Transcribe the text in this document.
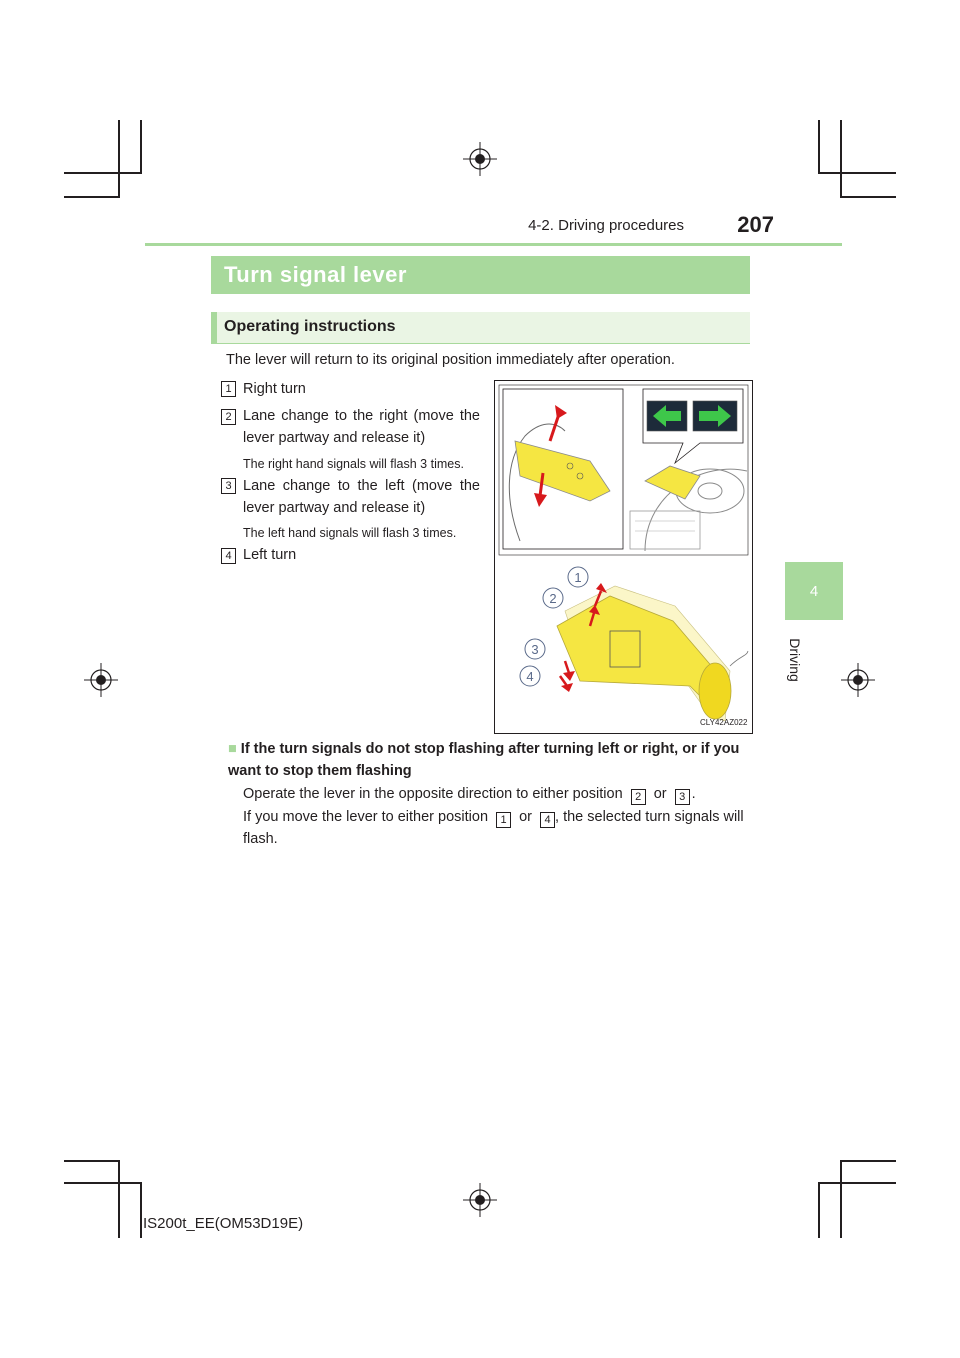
4-2. Driving procedures	207
4
Driving
Turn signal lever
Operating instructions
The lever will return to its original position immediately after operation.
1 Right turn
2 Lane change to the right (move the lever partway and release it)
The right hand signals will flash 3 times.
3 Lane change to the left (move the lever partway and release it)
The left hand signals will flash 3 times.
4 Left turn
1
2
3
4
CLY42AZ022
■ If the turn signals do not stop flashing after turning left or right, or if you want to stop them flashing
Operate the lever in the opposite direction to either position 2 or 3 .
If you move the lever to either position 1 or 4 , the selected turn signals will
flash.
IS200t_EE(OM53D19E)
